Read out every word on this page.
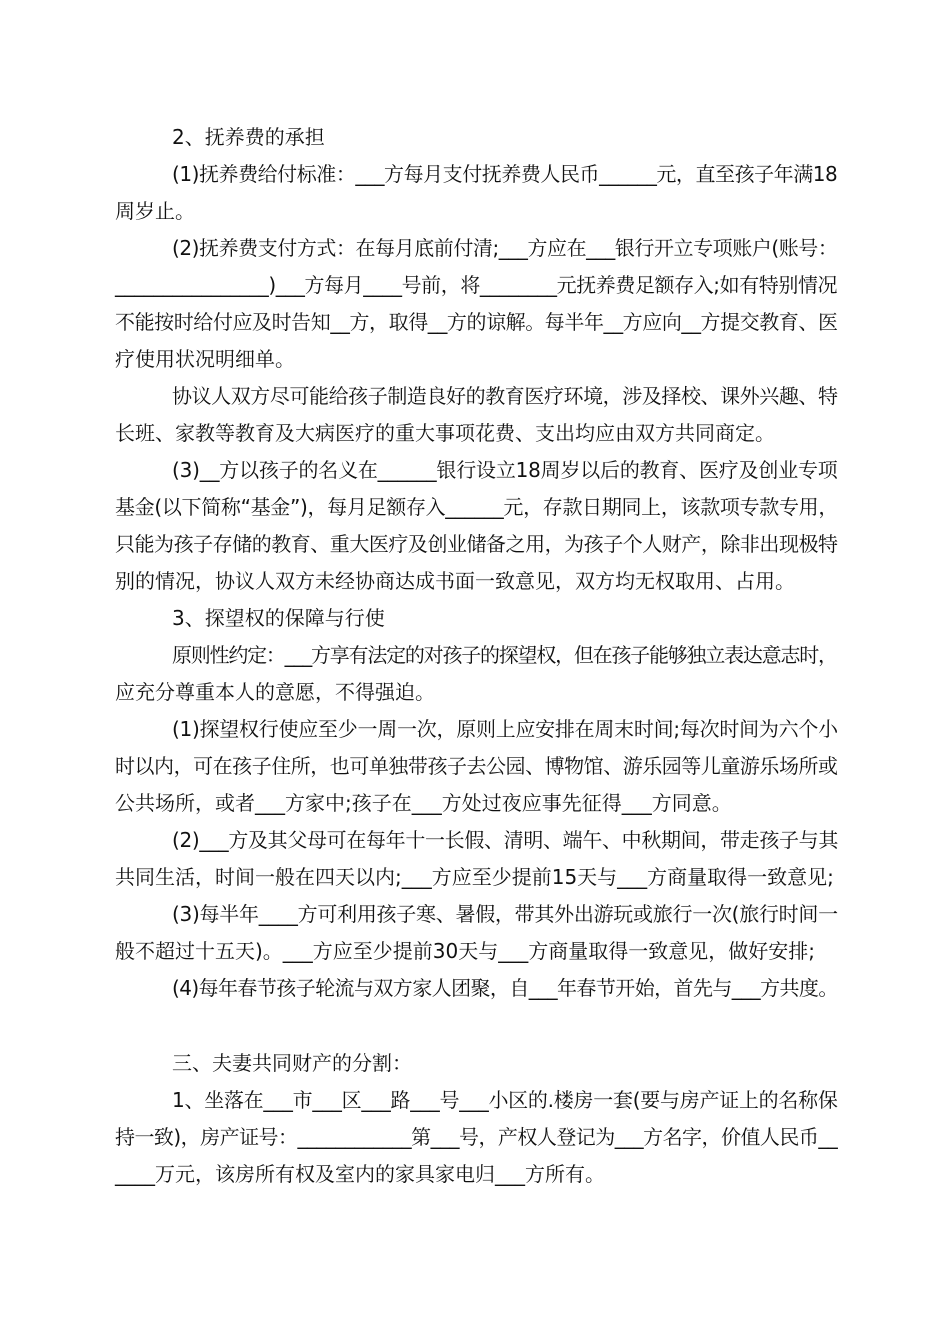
2、抚养费的承担
(1)抚养费给付标准：___方每月支付抚养费人民币______元，直至孩子年满18
周岁止。
(2)抚养费支付方式：在每月底前付清;___方应在___银行开立专项账户(账号：
________________)___方每月____号前，将________元抚养费足额存入;如有特别情况
不能按时给付应及时告知__方，取得__方的谅解。每半年__方应向__方提交教育、医
疗使用状况明细单。
协议人双方尽可能给孩子制造良好的教育医疗环境，涉及择校、课外兴趣、特
长班、家教等教育及大病医疗的重大事项花费、支出均应由双方共同商定。
(3)__方以孩子的名义在______银行设立18周岁以后的教育、医疗及创业专项
基金(以下简称“基金”)，每月足额存入______元，存款日期同上，该款项专款专用，
只能为孩子存储的教育、重大医疗及创业储备之用，为孩子个人财产，除非出现极特
别的情况，协议人双方未经协商达成书面一致意见，双方均无权取用、占用。
3、探望权的保障与行使
原则性约定：___方享有法定的对孩子的探望权，但在孩子能够独立表达意志时，
应充分尊重本人的意愿，不得强迫。
(1)探望权行使应至少一周一次，原则上应安排在周末时间;每次时间为六个小
时以内，可在孩子住所，也可单独带孩子去公园、博物馆、游乐园等儿童游乐场所或
公共场所，或者___方家中;孩子在___方处过夜应事先征得___方同意。
(2)___方及其父母可在每年十一长假、清明、端午、中秋期间，带走孩子与其
共同生活，时间一般在四天以内;___方应至少提前15天与___方商量取得一致意见;
(3)每半年____方可利用孩子寒、暑假，带其外出游玩或旅行一次(旅行时间一
般不超过十五天)。___方应至少提前30天与___方商量取得一致意见，做好安排;
(4)每年春节孩子轮流与双方家人团聚，自___年春节开始，首先与___方共度。
三、夫妻共同财产的分割：
1、坐落在___市___区___路___号___小区的.楼房一套(要与房产证上的名称保
持一致)，房产证号：____________第___号，产权人登记为___方名字，价值人民币__
____万元，该房所有权及室内的家具家电归___方所有。
